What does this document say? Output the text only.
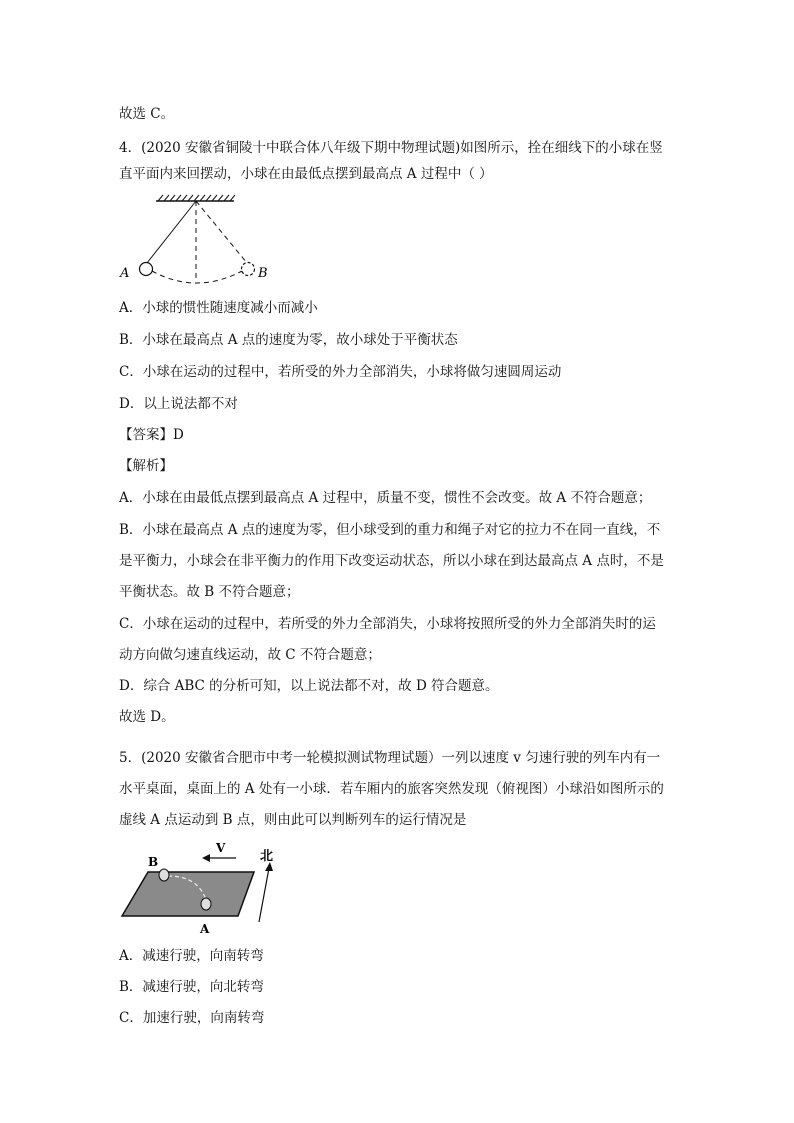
故选 C。
4．(2020 安徽省铜陵十中联合体八年级下期中物理试题)如图所示，拴在细线下的小球在竖
直平面内来回摆动，小球在由最低点摆到最高点 A 过程中（ ）
A	B
A．小球的惯性随速度减小而减小
B．小球在最高点 A 点的速度为零，故小球处于平衡状态
C．小球在运动的过程中，若所受的外力全部消失，小球将做匀速圆周运动
D．以上说法都不对
【答案】D
【解析】
A．小球在由最低点摆到最高点 A 过程中，质量不变，惯性不会改变。故 A 不符合题意；
B．小球在最高点 A 点的速度为零，但小球受到的重力和绳子对它的拉力不在同一直线，不
是平衡力，小球会在非平衡力的作用下改变运动状态，所以小球在到达最高点 A 点时，不是
平衡状态。故 B 不符合题意；
C．小球在运动的过程中，若所受的外力全部消失，小球将按照所受的外力全部消失时的运
动方向做匀速直线运动，故 C 不符合题意；
D．综合 ABC 的分析可知，以上说法都不对，故 D 符合题意。
故选 D。
5．(2020 安徽省合肥市中考一轮模拟测试物理试题）一列以速度 v 匀速行驶的列车内有一
水平桌面，桌面上的 A 处有一小球．若车厢内的旅客突然发现（俯视图）小球沿如图所示的
虚线 A 点运动到 B 点，则由此可以判断列车的运行情况是
B
V
北
A
A．减速行驶，向南转弯
B．减速行驶，向北转弯
C．加速行驶，向南转弯
